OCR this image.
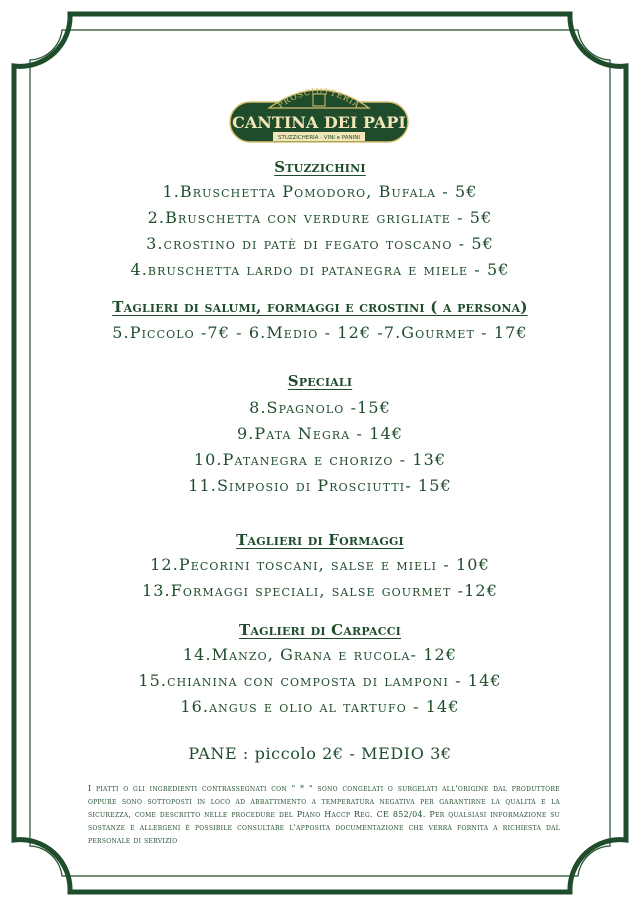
PROSCIUTTERIA
CANTINA DEI PAPI
STUZZICHERIA · VINI e PANINI
Stuzzichini
1.Bruschetta Pomodoro, Bufala - 5€
2.Bruschetta con verdure grigliate - 5€
3.crostino di patè di fegato toscano - 5€
4.bruschetta lardo di patanegra e miele - 5€
Taglieri di salumi, formaggi e crostini ( a persona)
5.Piccolo -7€ - 6.Medio - 12€ -7.Gourmet - 17€
Speciali
8.Spagnolo -15€
9.Pata Negra - 14€
10.Patanegra e chorizo - 13€
11.Simposio di Prosciutti- 15€
Taglieri di Formaggi
12.Pecorini toscani, salse e mieli - 10€
13.Formaggi speciali, salse gourmet -12€
Taglieri di Carpacci
14.Manzo, Grana e rucola- 12€
15.chianina con composta di lamponi - 14€
16.angus e olio al tartufo - 14€
PANE : piccolo 2€ - MEDIO 3€
I piatti o gli ingredienti contrassegnati con " * " sono congelati o surgelati all'origine dal produttore oppure sono sottoposti in loco ad abbattimento a temperatura negativa per garantirne la qualità e la sicurezza, come descritto nelle procedure del Piano Haccp Reg. CE 852/04. Per qualsiasi informazione su sostanze e allergeni è possibile consultare l'apposita documentazione che verrà fornita a richiesta dal personale di servizio
